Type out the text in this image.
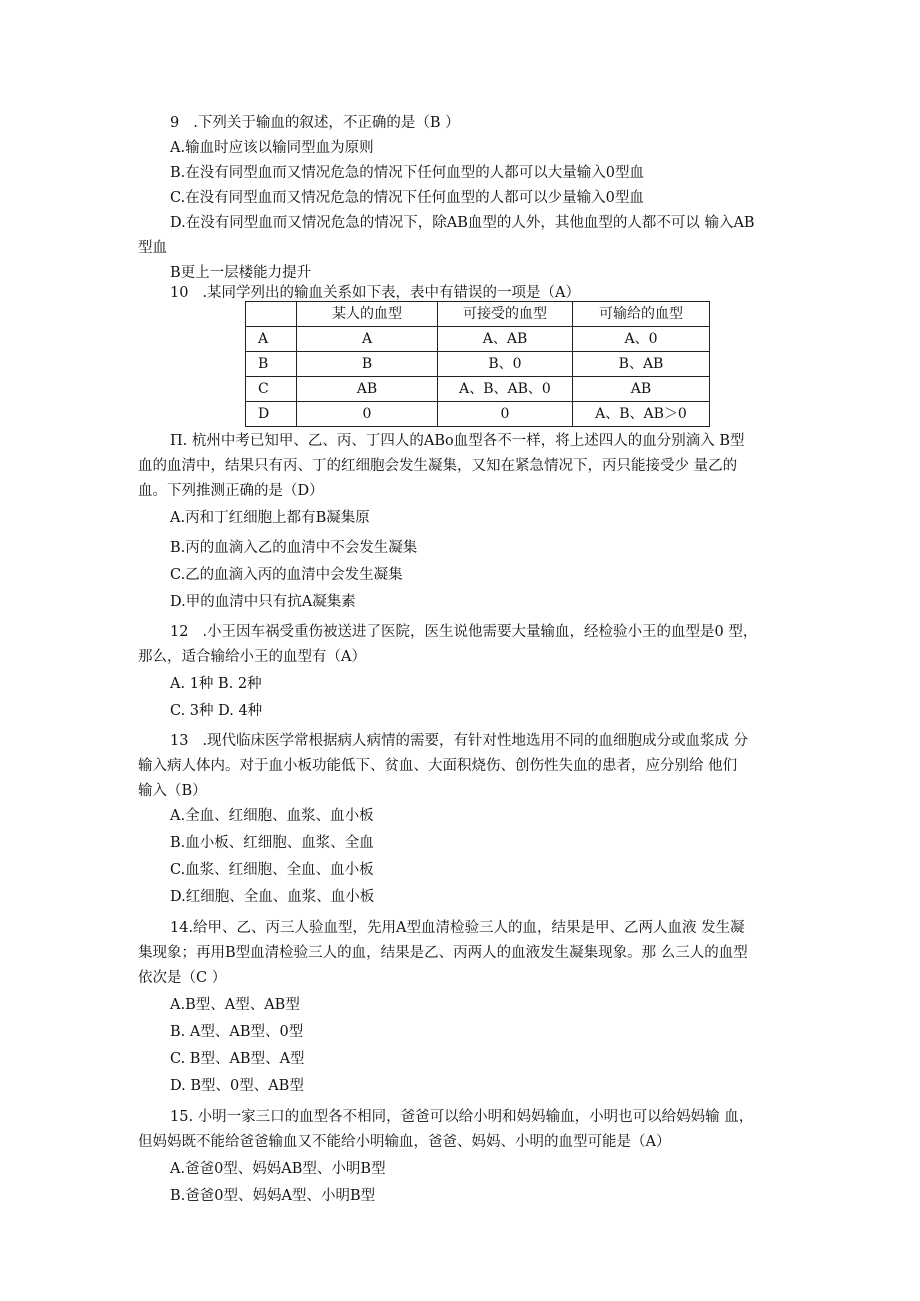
9 .下列关于输血的叙述，不正确的是（B ）
A.输血时应该以输同型血为原则
B.在没有同型血而又情况危急的情况下任何血型的人都可以大量输入0型血
C.在没有同型血而又情况危急的情况下任何血型的人都可以少量输入0型血
D.在没有同型血而又情况危急的情况下，除AB血型的人外，其他血型的人都不可以 输入AB
型血
B更上一层楼能力提升
10 .某同学列出的输血关系如下表，表中有错误的一项是（A）
	某人的血型	可接受的血型	可输给的血型
A	A	A、AB	A、0
B	B	B、0	B、AB
C	AB	A、B、AB、0	AB
D	0	0	A、B、AB＞0
Π. 杭州中考已知甲、乙、丙、丁四人的ABo血型各不一样，将上述四人的血分别滴入 B型
血的血清中，结果只有丙、丁的红细胞会发生凝集，又知在紧急情况下，丙只能接受少 量乙的
血。下列推测正确的是（D）
A.丙和丁红细胞上都有B凝集原
B.丙的血滴入乙的血清中不会发生凝集
C.乙的血滴入丙的血清中会发生凝集
D.甲的血清中只有抗A凝集素
12 .小王因车祸受重伤被送进了医院，医生说他需要大量输血，经检验小王的血型是0 型，
那么，适合输给小王的血型有（A）
A. 1种 B. 2种
C. 3种 D. 4种
13 .现代临床医学常根据病人病情的需要，有针对性地选用不同的血细胞成分或血浆成 分
输入病人体内。对于血小板功能低下、贫血、大面积烧伤、创伤性失血的患者，应分别给 他们
输入（B）
A.全血、红细胞、血浆、血小板
B.血小板、红细胞、血浆、全血
C.血浆、红细胞、全血、血小板
D.红细胞、全血、血浆、血小板
14.给甲、乙、丙三人验血型，先用A型血清检验三人的血，结果是甲、乙两人血液 发生凝
集现象；再用B型血清检验三人的血，结果是乙、丙两人的血液发生凝集现象。那 么三人的血型
依次是（C ）
A.B型、A型、AB型
B. A型、AB型、0型
C. B型、AB型、A型
D. B型、0型、AB型
15. 小明一家三口的血型各不相同，爸爸可以给小明和妈妈输血，小明也可以给妈妈输 血，
但妈妈既不能给爸爸输血又不能给小明输血，爸爸、妈妈、小明的血型可能是（A）
A.爸爸0型、妈妈AB型、小明B型
B.爸爸0型、妈妈A型、小明B型
